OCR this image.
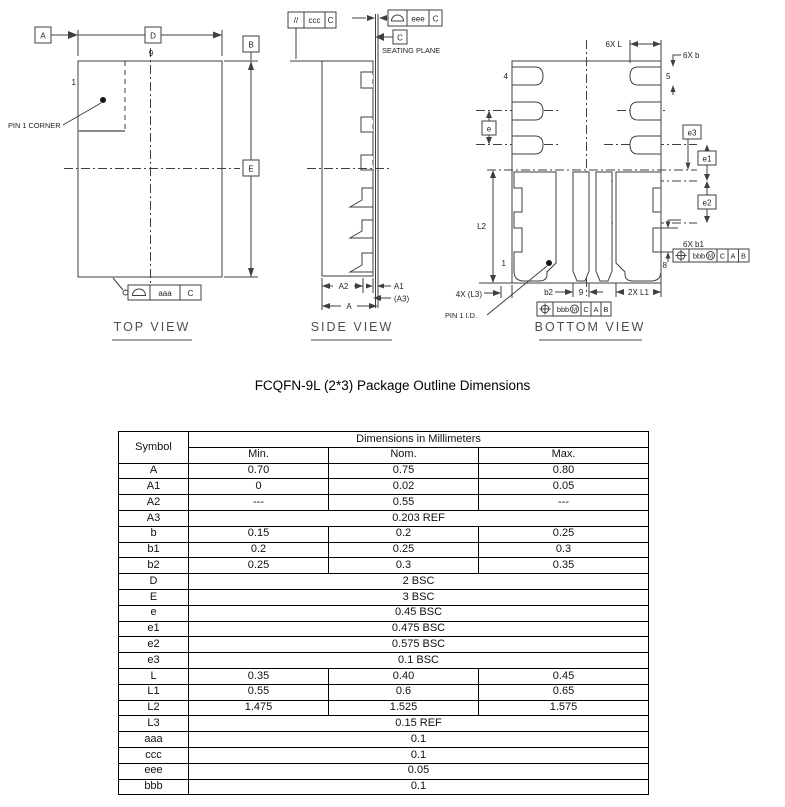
A	D
B
E
1
9
PIN 1 CORNER
aaa C
TOP VIEW
// ccc C	eee C
C
SEATING PLANE
A2	A1
(A3)
A
SIDE VIEW
6X L
6X b
4	5
e	e3
e1
e2
L2
1	8
9
b2	2X L1
4X (L3)
PIN 1 I.D.
6X b1
bbb M C A B
bbb M C A B
BOTTOM VIEW
FCQFN-9L (2*3) Package Outline Dimensions
Symbol	Dimensions in Millimeters		
	Min.	Nom.	Max.
A	0.70	0.75	0.80
A1	0	0.02	0.05
A2	---	0.55	---
A3	0.203 REF		
b	0.15	0.2	0.25
b1	0.2	0.25	0.3
b2	0.25	0.3	0.35
D	2 BSC		
E	3 BSC		
e	0.45 BSC		
e1	0.475 BSC		
e2	0.575 BSC		
e3	0.1 BSC		
L	0.35	0.40	0.45
L1	0.55	0.6	0.65
L2	1.475	1.525	1.575
L3	0.15 REF		
aaa	0.1		
ccc	0.1		
eee	0.05		
bbb	0.1		
